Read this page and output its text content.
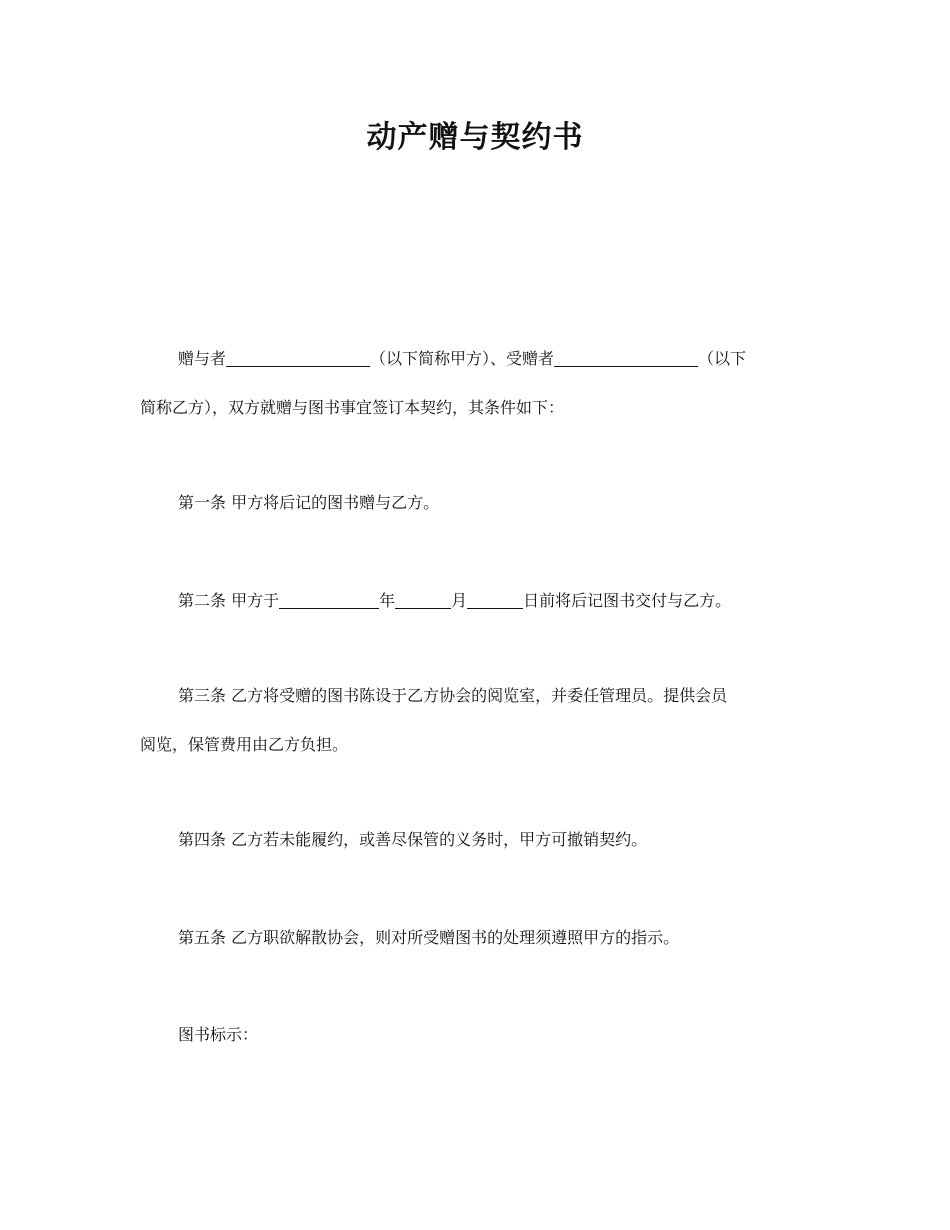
动产赠与契约书
赠与者	（以下简称甲方）、受赠者	（以下
简称乙方），双方就赠与图书事宜签订本契约，其条件如下：
第一条 甲方将后记的图书赠与乙方。
第二条 甲方于	年	月	日前将后记图书交付与乙方。
第三条 乙方将受赠的图书陈设于乙方协会的阅览室，并委任管理员。提供会员
阅览，保管费用由乙方负担。
第四条 乙方若未能履约，或善尽保管的义务时，甲方可撤销契约。
第五条 乙方职欲解散协会，则对所受赠图书的处理须遵照甲方的指示。
图书标示：
